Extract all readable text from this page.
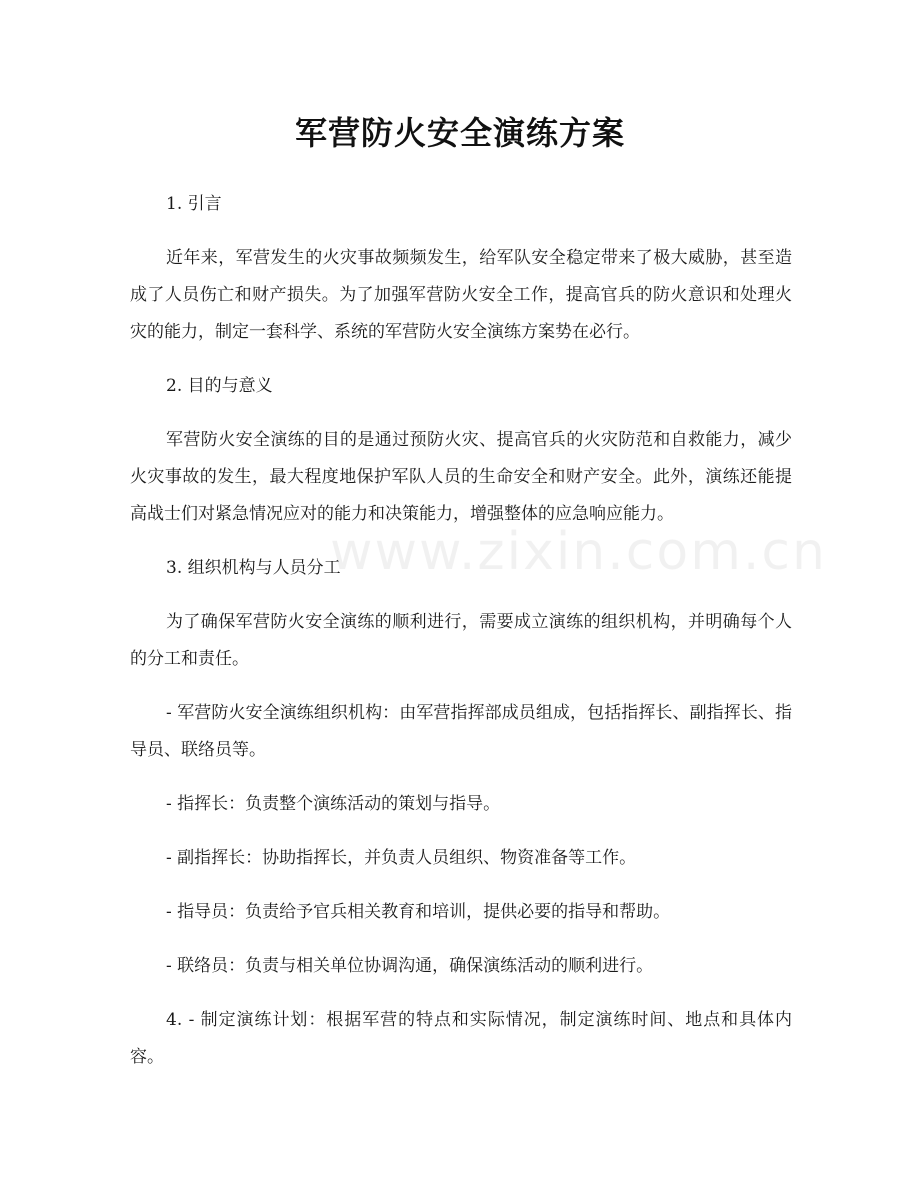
军营防火安全演练方案
www.zixin.com.cn

1. 引言

近年来，军营发生的火灾事故频频发生，给军队安全稳定带来了极大威胁，甚至造成了人员伤亡和财产损失。为了加强军营防火安全工作，提高官兵的防火意识和处理火灾的能力，制定一套科学、系统的军营防火安全演练方案势在必行。

2. 目的与意义

军营防火安全演练的目的是通过预防火灾、提高官兵的火灾防范和自救能力，减少火灾事故的发生，最大程度地保护军队人员的生命安全和财产安全。此外，演练还能提高战士们对紧急情况应对的能力和决策能力，增强整体的应急响应能力。

3. 组织机构与人员分工

为了确保军营防火安全演练的顺利进行，需要成立演练的组织机构，并明确每个人的分工和责任。

- 军营防火安全演练组织机构：由军营指挥部成员组成，包括指挥长、副指挥长、指导员、联络员等。

- 指挥长：负责整个演练活动的策划与指导。

- 副指挥长：协助指挥长，并负责人员组织、物资准备等工作。

- 指导员：负责给予官兵相关教育和培训，提供必要的指导和帮助。

- 联络员：负责与相关单位协调沟通，确保演练活动的顺利进行。

4. - 制定演练计划：根据军营的特点和实际情况，制定演练时间、地点和具体内容。
